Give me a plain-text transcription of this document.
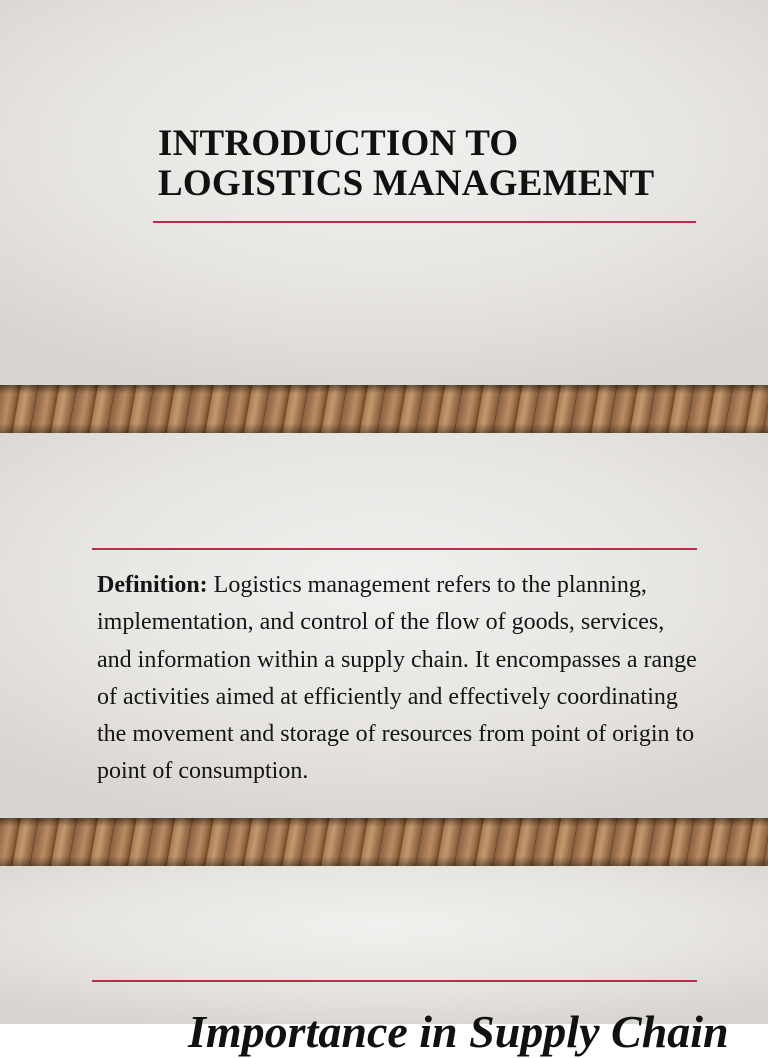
INTRODUCTION TO
LOGISTICS MANAGEMENT

Definition: Logistics management refers to the planning, implementation, and control of the flow of goods, services, and information within a supply chain. It encompasses a range of activities aimed at efficiently and effectively coordinating the movement and storage of resources from point of origin to point of consumption.

Importance in Supply Chain
